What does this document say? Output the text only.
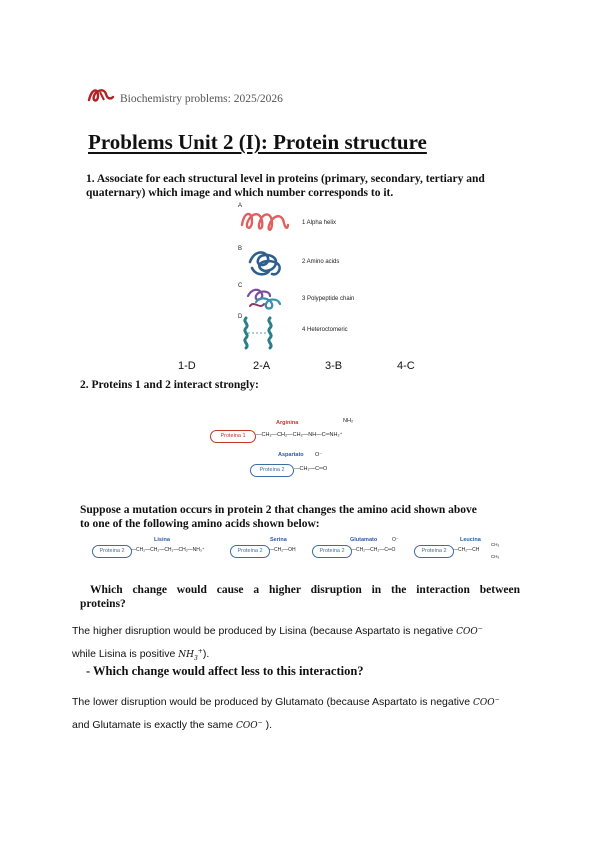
Biochemistry problems: 2025/2026
Problems Unit 2 (I): Protein structure
1. Associate for each structural level in proteins (primary, secondary, tertiary and
quaternary) which image and which number corresponds to it.
A
1 Alpha helix
B
2 Amino acids
C
3 Polypeptide chain
D
4 Heteroctomeric
1-D	2-A	3-B	4-C
2. Proteins 1 and 2 interact strongly:
Arginina	NH₂
Proteina 1	—CH₂—CH₂—CH₂—NH—C═NH₂⁺
Aspartato O⁻
Proteina 2	—CH₂—C═O
Suppose a mutation occurs in protein 2 that changes the amino acid shown above
to one of the following amino acids shown below:
Lisina
Proteina 2	—CH₂—CH₂—CH₂—CH₂—NH₃⁺
Serina
Proteina 2	—CH₂—OH
Glutamato	O⁻
Proteina 2	—CH₂—CH₂—C═O
Leucina
Proteina 2	—CH₂—CH
CH₃
CH₃
Which change would cause a higher disruption in the interaction between
proteins?
The higher disruption would be produced by Lisina (because Aspartato is negative COO−
while Lisina is positive $NH_3^+$).
- Which change would affect less to this interaction?
The lower disruption would be produced by Glutamato (because Aspartato is negative COO−
and Glutamate is exactly the same COO− ).
